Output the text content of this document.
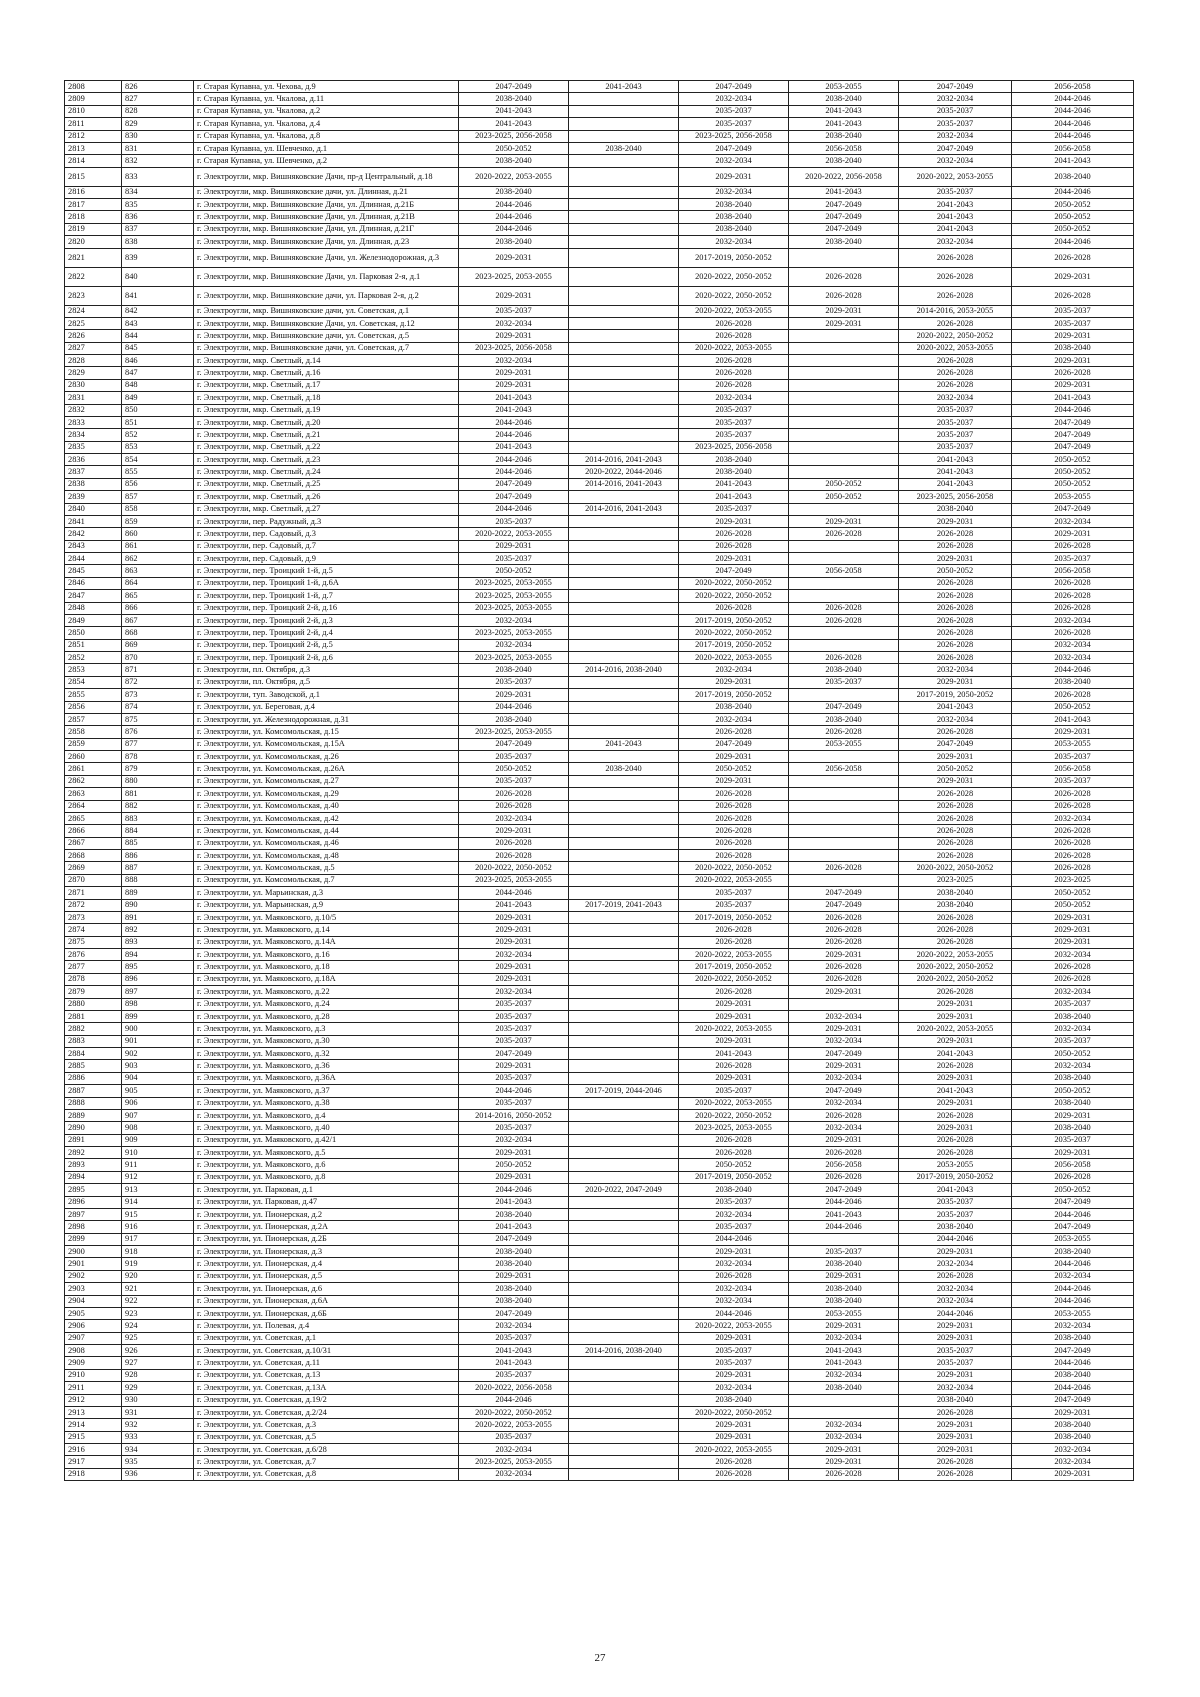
2808	826	г. Старая Купавна, ул. Чехова, д.9	2047-2049	2041-2043	2047-2049	2053-2055	2047-2049	2056-2058
2809	827	г. Старая Купавна, ул. Чкалова, д.11	2038-2040		2032-2034	2038-2040	2032-2034	2044-2046
2810	828	г. Старая Купавна, ул. Чкалова, д.2	2041-2043		2035-2037	2041-2043	2035-2037	2044-2046
2811	829	г. Старая Купавна, ул. Чкалова, д.4	2041-2043		2035-2037	2041-2043	2035-2037	2044-2046
2812	830	г. Старая Купавна, ул. Чкалова, д.8	2023-2025, 2056-2058		2023-2025, 2056-2058	2038-2040	2032-2034	2044-2046
2813	831	г. Старая Купавна, ул. Шевченко, д.1	2050-2052	2038-2040	2047-2049	2056-2058	2047-2049	2056-2058
2814	832	г. Старая Купавна, ул. Шевченко, д.2	2038-2040		2032-2034	2038-2040	2032-2034	2041-2043
2815	833	г. Электроугли, мкр. Вишняковские Дачи, пр-д Центральный, д.18	2020-2022, 2053-2055		2029-2031	2020-2022, 2056-2058	2020-2022, 2053-2055	2038-2040
2816	834	г. Электроугли, мкр. Вишняковские дачи, ул. Длинная, д.21	2038-2040		2032-2034	2041-2043	2035-2037	2044-2046
2817	835	г. Электроугли, мкр. Вишняковские Дачи, ул. Длинная, д.21Б	2044-2046		2038-2040	2047-2049	2041-2043	2050-2052
2818	836	г. Электроугли, мкр. Вишняковские Дачи, ул. Длинная, д.21В	2044-2046		2038-2040	2047-2049	2041-2043	2050-2052
2819	837	г. Электроугли, мкр. Вишняковские Дачи, ул. Длинная, д.21Г	2044-2046		2038-2040	2047-2049	2041-2043	2050-2052
2820	838	г. Электроугли, мкр. Вишняковские Дачи, ул. Длинная, д.23	2038-2040		2032-2034	2038-2040	2032-2034	2044-2046
2821	839	г. Электроугли, мкр. Вишняковские Дачи, ул. Железнодорожная, д.3	2029-2031		2017-2019, 2050-2052		2026-2028	2026-2028
2822	840	г. Электроугли, мкр. Вишняковские Дачи, ул. Парковая 2-я, д.1	2023-2025, 2053-2055		2020-2022, 2050-2052	2026-2028	2026-2028	2029-2031
2823	841	г. Электроугли, мкр. Вишняковские дачи, ул. Парковая 2-я, д.2	2029-2031		2020-2022, 2050-2052	2026-2028	2026-2028	2026-2028
2824	842	г. Электроугли, мкр. Вишняковские дачи, ул. Советская, д.1	2035-2037		2020-2022, 2053-2055	2029-2031	2014-2016, 2053-2055	2035-2037
2825	843	г. Электроугли, мкр. Вишняковские Дачи, ул. Советская, д.12	2032-2034		2026-2028	2029-2031	2026-2028	2035-2037
2826	844	г. Электроугли, мкр. Вишняковские дачи, ул. Советская, д.5	2029-2031		2026-2028		2020-2022, 2050-2052	2029-2031
2827	845	г. Электроугли, мкр. Вишняковские дачи, ул. Советская, д.7	2023-2025, 2056-2058		2020-2022, 2053-2055		2020-2022, 2053-2055	2038-2040
2828	846	г. Электроугли, мкр. Светлый, д.14	2032-2034		2026-2028		2026-2028	2029-2031
2829	847	г. Электроугли, мкр. Светлый, д.16	2029-2031		2026-2028		2026-2028	2026-2028
2830	848	г. Электроугли, мкр. Светлый, д.17	2029-2031		2026-2028		2026-2028	2029-2031
2831	849	г. Электроугли, мкр. Светлый, д.18	2041-2043		2032-2034		2032-2034	2041-2043
2832	850	г. Электроугли, мкр. Светлый, д.19	2041-2043		2035-2037		2035-2037	2044-2046
2833	851	г. Электроугли, мкр. Светлый, д.20	2044-2046		2035-2037		2035-2037	2047-2049
2834	852	г. Электроугли, мкр. Светлый, д.21	2044-2046		2035-2037		2035-2037	2047-2049
2835	853	г. Электроугли, мкр. Светлый, д.22	2041-2043		2023-2025, 2056-2058		2035-2037	2047-2049
2836	854	г. Электроугли, мкр. Светлый, д.23	2044-2046	2014-2016, 2041-2043	2038-2040		2041-2043	2050-2052
2837	855	г. Электроугли, мкр. Светлый, д.24	2044-2046	2020-2022, 2044-2046	2038-2040		2041-2043	2050-2052
2838	856	г. Электроугли, мкр. Светлый, д.25	2047-2049	2014-2016, 2041-2043	2041-2043	2050-2052	2041-2043	2050-2052
2839	857	г. Электроугли, мкр. Светлый, д.26	2047-2049		2041-2043	2050-2052	2023-2025, 2056-2058	2053-2055
2840	858	г. Электроугли, мкр. Светлый, д.27	2044-2046	2014-2016, 2041-2043	2035-2037		2038-2040	2047-2049
2841	859	г. Электроугли, пер. Радужный, д.3	2035-2037		2029-2031	2029-2031	2029-2031	2032-2034
2842	860	г. Электроугли, пер. Садовый, д.3	2020-2022, 2053-2055		2026-2028	2026-2028	2026-2028	2029-2031
2843	861	г. Электроугли, пер. Садовый, д.7	2029-2031		2026-2028		2026-2028	2026-2028
2844	862	г. Электроугли, пер. Садовый, д.9	2035-2037		2029-2031		2029-2031	2035-2037
2845	863	г. Электроугли, пер. Троицкий 1-й, д.5	2050-2052		2047-2049	2056-2058	2050-2052	2056-2058
2846	864	г. Электроугли, пер. Троицкий 1-й, д.6А	2023-2025, 2053-2055		2020-2022, 2050-2052		2026-2028	2026-2028
2847	865	г. Электроугли, пер. Троицкий 1-й, д.7	2023-2025, 2053-2055		2020-2022, 2050-2052		2026-2028	2026-2028
2848	866	г. Электроугли, пер. Троицкий 2-й, д.16	2023-2025, 2053-2055		2026-2028	2026-2028	2026-2028	2026-2028
2849	867	г. Электроугли, пер. Троицкий 2-й, д.3	2032-2034		2017-2019, 2050-2052	2026-2028	2026-2028	2032-2034
2850	868	г. Электроугли, пер. Троицкий 2-й, д.4	2023-2025, 2053-2055		2020-2022, 2050-2052		2026-2028	2026-2028
2851	869	г. Электроугли, пер. Троицкий 2-й, д.5	2032-2034		2017-2019, 2050-2052		2026-2028	2032-2034
2852	870	г. Электроугли, пер. Троицкий 2-й, д.6	2023-2025, 2053-2055		2020-2022, 2053-2055	2026-2028	2026-2028	2032-2034
2853	871	г. Электроугли, пл. Октября, д.3	2038-2040	2014-2016, 2038-2040	2032-2034	2038-2040	2032-2034	2044-2046
2854	872	г. Электроугли, пл. Октября, д.5	2035-2037		2029-2031	2035-2037	2029-2031	2038-2040
2855	873	г. Электроугли, туп. Заводской, д.1	2029-2031		2017-2019, 2050-2052		2017-2019, 2050-2052	2026-2028
2856	874	г. Электроугли, ул. Береговая, д.4	2044-2046		2038-2040	2047-2049	2041-2043	2050-2052
2857	875	г. Электроугли, ул. Железнодорожная, д.31	2038-2040		2032-2034	2038-2040	2032-2034	2041-2043
2858	876	г. Электроугли, ул. Комсомольская, д.15	2023-2025, 2053-2055		2026-2028	2026-2028	2026-2028	2029-2031
2859	877	г. Электроугли, ул. Комсомольская, д.15А	2047-2049	2041-2043	2047-2049	2053-2055	2047-2049	2053-2055
2860	878	г. Электроугли, ул. Комсомольская, д.26	2035-2037		2029-2031		2029-2031	2035-2037
2861	879	г. Электроугли, ул. Комсомольская, д.26А	2050-2052	2038-2040	2050-2052	2056-2058	2050-2052	2056-2058
2862	880	г. Электроугли, ул. Комсомольская, д.27	2035-2037		2029-2031		2029-2031	2035-2037
2863	881	г. Электроугли, ул. Комсомольская, д.29	2026-2028		2026-2028		2026-2028	2026-2028
2864	882	г. Электроугли, ул. Комсомольская, д.40	2026-2028		2026-2028		2026-2028	2026-2028
2865	883	г. Электроугли, ул. Комсомольская, д.42	2032-2034		2026-2028		2026-2028	2032-2034
2866	884	г. Электроугли, ул. Комсомольская, д.44	2029-2031		2026-2028		2026-2028	2026-2028
2867	885	г. Электроугли, ул. Комсомольская, д.46	2026-2028		2026-2028		2026-2028	2026-2028
2868	886	г. Электроугли, ул. Комсомольская, д.48	2026-2028		2026-2028		2026-2028	2026-2028
2869	887	г. Электроугли, ул. Комсомольская, д.5	2020-2022, 2050-2052		2020-2022, 2050-2052	2026-2028	2020-2022, 2050-2052	2026-2028
2870	888	г. Электроугли, ул. Комсомольская, д.7	2023-2025, 2053-2055		2020-2022, 2053-2055		2023-2025	2023-2025
2871	889	г. Электроугли, ул. Марьинская, д.3	2044-2046		2035-2037	2047-2049	2038-2040	2050-2052
2872	890	г. Электроугли, ул. Марьинская, д.9	2041-2043	2017-2019, 2041-2043	2035-2037	2047-2049	2038-2040	2050-2052
2873	891	г. Электроугли, ул. Маяковского, д.10/5	2029-2031		2017-2019, 2050-2052	2026-2028	2026-2028	2029-2031
2874	892	г. Электроугли, ул. Маяковского, д.14	2029-2031		2026-2028	2026-2028	2026-2028	2029-2031
2875	893	г. Электроугли, ул. Маяковского, д.14А	2029-2031		2026-2028	2026-2028	2026-2028	2029-2031
2876	894	г. Электроугли, ул. Маяковского, д.16	2032-2034		2020-2022, 2053-2055	2029-2031	2020-2022, 2053-2055	2032-2034
2877	895	г. Электроугли, ул. Маяковского, д.18	2029-2031		2017-2019, 2050-2052	2026-2028	2020-2022, 2050-2052	2026-2028
2878	896	г. Электроугли, ул. Маяковского, д.18А	2029-2031		2020-2022, 2050-2052	2026-2028	2020-2022, 2050-2052	2026-2028
2879	897	г. Электроугли, ул. Маяковского, д.22	2032-2034		2026-2028	2029-2031	2026-2028	2032-2034
2880	898	г. Электроугли, ул. Маяковского, д.24	2035-2037		2029-2031		2029-2031	2035-2037
2881	899	г. Электроугли, ул. Маяковского, д.28	2035-2037		2029-2031	2032-2034	2029-2031	2038-2040
2882	900	г. Электроугли, ул. Маяковского, д.3	2035-2037		2020-2022, 2053-2055	2029-2031	2020-2022, 2053-2055	2032-2034
2883	901	г. Электроугли, ул. Маяковского, д.30	2035-2037		2029-2031	2032-2034	2029-2031	2035-2037
2884	902	г. Электроугли, ул. Маяковского, д.32	2047-2049		2041-2043	2047-2049	2041-2043	2050-2052
2885	903	г. Электроугли, ул. Маяковского, д.36	2029-2031		2026-2028	2029-2031	2026-2028	2032-2034
2886	904	г. Электроугли, ул. Маяковского, д.36А	2035-2037		2029-2031	2032-2034	2029-2031	2038-2040
2887	905	г. Электроугли, ул. Маяковского, д.37	2044-2046	2017-2019, 2044-2046	2035-2037	2047-2049	2041-2043	2050-2052
2888	906	г. Электроугли, ул. Маяковского, д.38	2035-2037		2020-2022, 2053-2055	2032-2034	2029-2031	2038-2040
2889	907	г. Электроугли, ул. Маяковского, д.4	2014-2016, 2050-2052		2020-2022, 2050-2052	2026-2028	2026-2028	2029-2031
2890	908	г. Электроугли, ул. Маяковского, д.40	2035-2037		2023-2025, 2053-2055	2032-2034	2029-2031	2038-2040
2891	909	г. Электроугли, ул. Маяковского, д.42/1	2032-2034		2026-2028	2029-2031	2026-2028	2035-2037
2892	910	г. Электроугли, ул. Маяковского, д.5	2029-2031		2026-2028	2026-2028	2026-2028	2029-2031
2893	911	г. Электроугли, ул. Маяковского, д.6	2050-2052		2050-2052	2056-2058	2053-2055	2056-2058
2894	912	г. Электроугли, ул. Маяковского, д.8	2029-2031		2017-2019, 2050-2052	2026-2028	2017-2019, 2050-2052	2026-2028
2895	913	г. Электроугли, ул. Парковая, д.1	2044-2046	2020-2022, 2047-2049	2038-2040	2047-2049	2041-2043	2050-2052
2896	914	г. Электроугли, ул. Парковая, д.47	2041-2043		2035-2037	2044-2046	2035-2037	2047-2049
2897	915	г. Электроугли, ул. Пионерская, д.2	2038-2040		2032-2034	2041-2043	2035-2037	2044-2046
2898	916	г. Электроугли, ул. Пионерская, д.2А	2041-2043		2035-2037	2044-2046	2038-2040	2047-2049
2899	917	г. Электроугли, ул. Пионерская, д.2Б	2047-2049		2044-2046		2044-2046	2053-2055
2900	918	г. Электроугли, ул. Пионерская, д.3	2038-2040		2029-2031	2035-2037	2029-2031	2038-2040
2901	919	г. Электроугли, ул. Пионерская, д.4	2038-2040		2032-2034	2038-2040	2032-2034	2044-2046
2902	920	г. Электроугли, ул. Пионерская, д.5	2029-2031		2026-2028	2029-2031	2026-2028	2032-2034
2903	921	г. Электроугли, ул. Пионерская, д.6	2038-2040		2032-2034	2038-2040	2032-2034	2044-2046
2904	922	г. Электроугли, ул. Пионерская, д.6А	2038-2040		2032-2034	2038-2040	2032-2034	2044-2046
2905	923	г. Электроугли, ул. Пионерская, д.6Б	2047-2049		2044-2046	2053-2055	2044-2046	2053-2055
2906	924	г. Электроугли, ул. Полевая, д.4	2032-2034		2020-2022, 2053-2055	2029-2031	2029-2031	2032-2034
2907	925	г. Электроугли, ул. Советская, д.1	2035-2037		2029-2031	2032-2034	2029-2031	2038-2040
2908	926	г. Электроугли, ул. Советская, д.10/31	2041-2043	2014-2016, 2038-2040	2035-2037	2041-2043	2035-2037	2047-2049
2909	927	г. Электроугли, ул. Советская, д.11	2041-2043		2035-2037	2041-2043	2035-2037	2044-2046
2910	928	г. Электроугли, ул. Советская, д.13	2035-2037		2029-2031	2032-2034	2029-2031	2038-2040
2911	929	г. Электроугли, ул. Советская, д.13А	2020-2022, 2056-2058		2032-2034	2038-2040	2032-2034	2044-2046
2912	930	г. Электроугли, ул. Советская, д.19/2	2044-2046		2038-2040		2038-2040	2047-2049
2913	931	г. Электроугли, ул. Советская, д.2/24	2020-2022, 2050-2052		2020-2022, 2050-2052		2026-2028	2029-2031
2914	932	г. Электроугли, ул. Советская, д.3	2020-2022, 2053-2055		2029-2031	2032-2034	2029-2031	2038-2040
2915	933	г. Электроугли, ул. Советская, д.5	2035-2037		2029-2031	2032-2034	2029-2031	2038-2040
2916	934	г. Электроугли, ул. Советская, д.6/28	2032-2034		2020-2022, 2053-2055	2029-2031	2029-2031	2032-2034
2917	935	г. Электроугли, ул. Советская, д.7	2023-2025, 2053-2055		2026-2028	2029-2031	2026-2028	2032-2034
2918	936	г. Электроугли, ул. Советская, д.8	2032-2034		2026-2028	2026-2028	2026-2028	2029-2031
27
